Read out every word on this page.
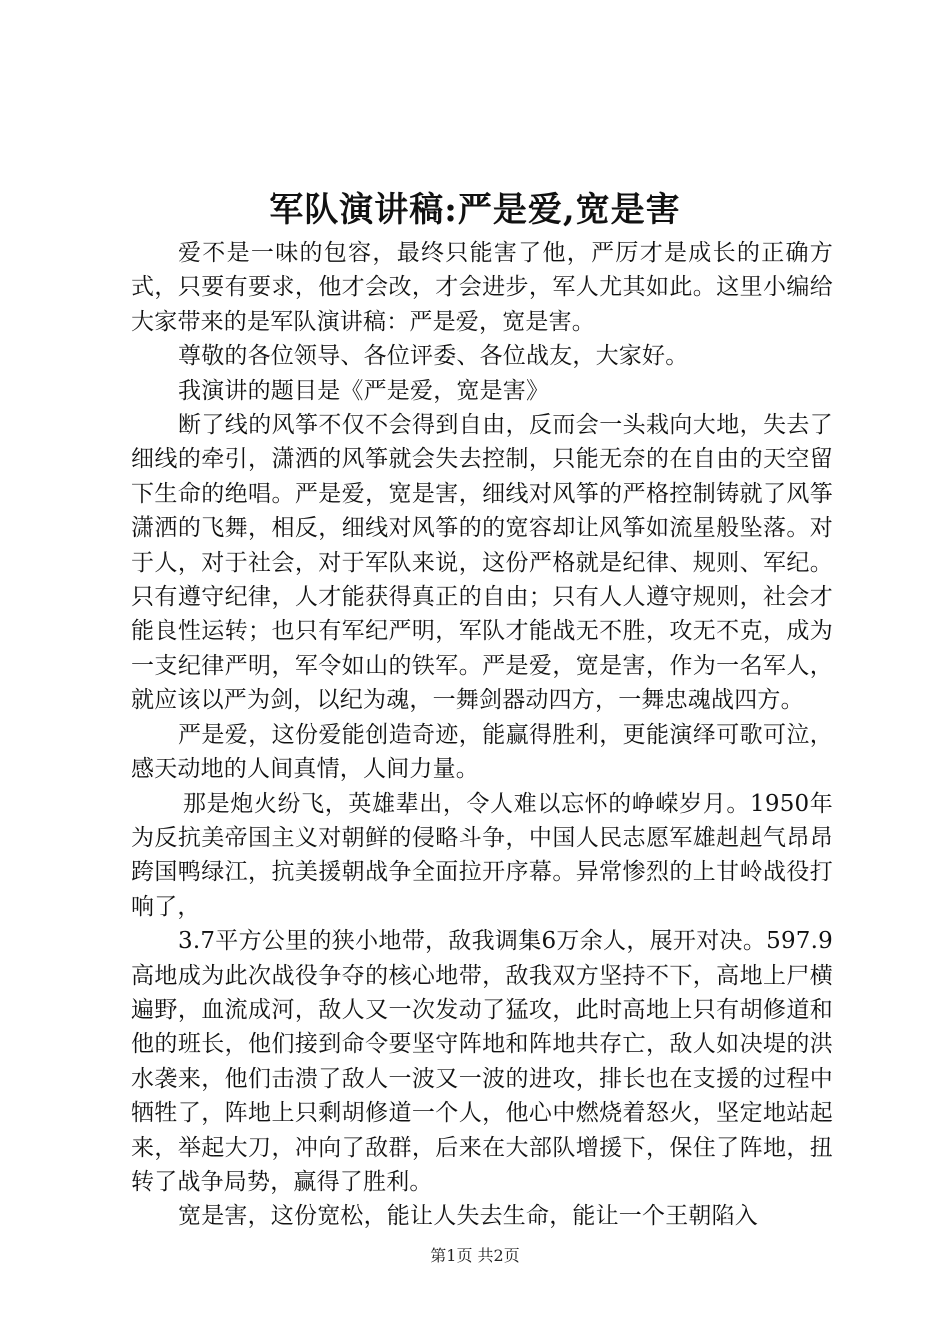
军队演讲稿:严是爱,宽是害

爱不是一味的包容，最终只能害了他，严厉才是成长的正确方式，只要有要求，他才会改，才会进步，军人尤其如此。这里小编给大家带来的是军队演讲稿：严是爱，宽是害。

尊敬的各位领导、各位评委、各位战友，大家好。

我演讲的题目是《严是爱，宽是害》

断了线的风筝不仅不会得到自由，反而会一头栽向大地，失去了细线的牵引，潇洒的风筝就会失去控制，只能无奈的在自由的天空留下生命的绝唱。严是爱，宽是害，细线对风筝的严格控制铸就了风筝潇洒的飞舞，相反，细线对风筝的的宽容却让风筝如流星般坠落。对于人，对于社会，对于军队来说，这份严格就是纪律、规则、军纪。只有遵守纪律，人才能获得真正的自由；只有人人遵守规则，社会才能良性运转；也只有军纪严明，军队才能战无不胜，攻无不克，成为一支纪律严明，军令如山的铁军。严是爱，宽是害，作为一名军人，就应该以严为剑，以纪为魂，一舞剑器动四方，一舞忠魂战四方。

严是爱，这份爱能创造奇迹，能赢得胜利，更能演绎可歌可泣，感天动地的人间真情，人间力量。

那是炮火纷飞，英雄辈出，令人难以忘怀的峥嵘岁月。1950年为反抗美帝国主义对朝鲜的侵略斗争，中国人民志愿军雄赳赳气昂昂跨国鸭绿江，抗美援朝战争全面拉开序幕。异常惨烈的上甘岭战役打响了，

3.7平方公里的狭小地带，敌我调集6万余人，展开对决。597.9高地成为此次战役争夺的核心地带，敌我双方坚持不下，高地上尸横遍野，血流成河，敌人又一次发动了猛攻，此时高地上只有胡修道和他的班长，他们接到命令要坚守阵地和阵地共存亡，敌人如决堤的洪水袭来，他们击溃了敌人一波又一波的进攻，排长也在支援的过程中牺牲了，阵地上只剩胡修道一个人，他心中燃烧着怒火，坚定地站起来，举起大刀，冲向了敌群，后来在大部队增援下，保住了阵地，扭转了战争局势，赢得了胜利。

宽是害，这份宽松，能让人失去生命，能让一个王朝陷入

第1页 共2页
